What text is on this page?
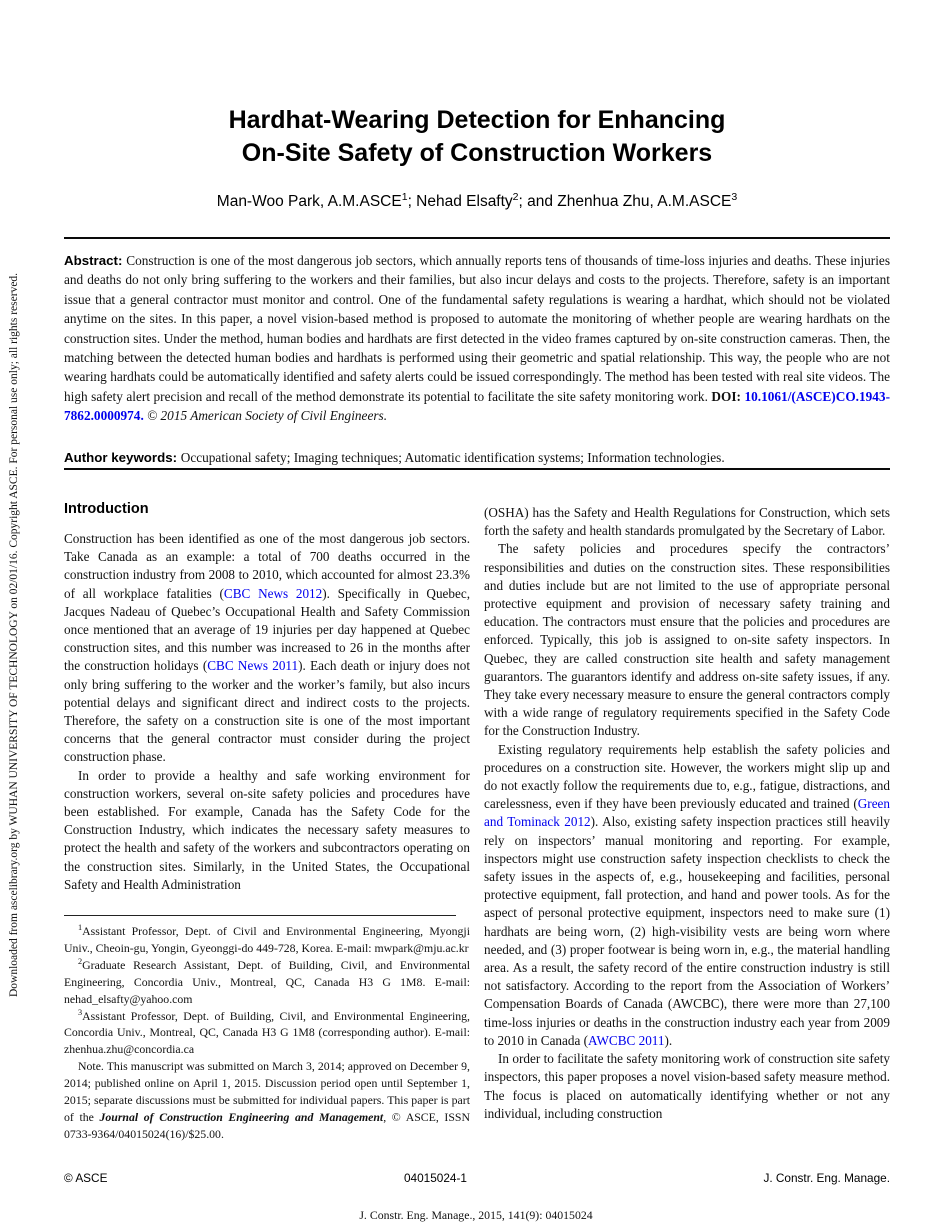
Downloaded from ascelibrary.org by WUHAN UNIVERSITY OF TECHNOLOGY on 02/01/16. Copyright ASCE. For personal use only; all rights reserved.
Hardhat-Wearing Detection for Enhancing
On-Site Safety of Construction Workers
Man-Woo Park, A.M.ASCE$^1$; Nehad Elsafty$^2$; and Zhenhua Zhu, A.M.ASCE$^3$
Abstract: Construction is one of the most dangerous job sectors, which annually reports tens of thousands of time-loss injuries and deaths. These injuries and deaths do not only bring suffering to the workers and their families, but also incur delays and costs to the projects. Therefore, safety is an important issue that a general contractor must monitor and control. One of the fundamental safety regulations is wearing a hardhat, which should not be violated anytime on the sites. In this paper, a novel vision-based method is proposed to automate the monitoring of whether people are wearing hardhats on the construction sites. Under the method, human bodies and hardhats are first detected in the video frames captured by on-site construction cameras. Then, the matching between the detected human bodies and hardhats is performed using their geometric and spatial relationship. This way, the people who are not wearing hardhats could be automatically identified and safety alerts could be issued correspondingly. The method has been tested with real site videos. The high safety alert precision and recall of the method demonstrate its potential to facilitate the site safety monitoring work. DOI: 10.1061/(ASCE)CO.1943-7862.0000974. © 2015 American Society of Civil Engineers.
Author keywords: Occupational safety; Imaging techniques; Automatic identification systems; Information technologies.
Introduction

Construction has been identified as one of the most dangerous job sectors. Take Canada as an example: a total of 700 deaths occurred in the construction industry from 2008 to 2010, which accounted for almost 23.3% of all workplace fatalities (CBC News 2012). Specifically in Quebec, Jacques Nadeau of Quebec’s Occupational Health and Safety Commission once mentioned that an average of 19 injuries per day happened at Quebec construction sites, and this number was increased to 26 in the months after the construction holidays (CBC News 2011). Each death or injury does not only bring suffering to the worker and the worker’s family, but also incurs potential delays and significant direct and indirect costs to the projects. Therefore, the safety on a construction site is one of the most important concerns that the general contractor must consider during the project construction phase.

In order to provide a healthy and safe working environment for construction workers, several on-site safety policies and procedures have been established. For example, Canada has the Safety Code for the Construction Industry, which indicates the necessary safety measures to protect the health and safety of the workers and subcontractors operating on the construction sites. Similarly, in the United States, the Occupational Safety and Health Administration

$^1$Assistant Professor, Dept. of Civil and Environmental Engineering, Myongji Univ., Cheoin-gu, Yongin, Gyeonggi-do 449-728, Korea. E-mail: mwpark@mju.ac.kr

$^2$Graduate Research Assistant, Dept. of Building, Civil, and Environmental Engineering, Concordia Univ., Montreal, QC, Canada H3 G 1M8. E-mail: nehad_elsafty@yahoo.com

$^3$Assistant Professor, Dept. of Building, Civil, and Environmental Engineering, Concordia Univ., Montreal, QC, Canada H3 G 1M8 (corresponding author). E-mail: zhenhua.zhu@concordia.ca

Note. This manuscript was submitted on March 3, 2014; approved on December 9, 2014; published online on April 1, 2015. Discussion period open until September 1, 2015; separate discussions must be submitted for individual papers. This paper is part of the Journal of Construction Engineering and Management, © ASCE, ISSN 0733-9364/04015024(16)/$25.00.

(OSHA) has the Safety and Health Regulations for Construction, which sets forth the safety and health standards promulgated by the Secretary of Labor.

The safety policies and procedures specify the contractors’ responsibilities and duties on the construction sites. These responsibilities and duties include but are not limited to the use of appropriate personal protective equipment and provision of necessary safety training and education. The contractors must ensure that the policies and procedures are enforced. Typically, this job is assigned to on-site safety inspectors. In Quebec, they are called construction site health and safety management guarantors. The guarantors identify and address on-site safety issues, if any. They take every necessary measure to ensure the general contractors comply with a wide range of regulatory requirements specified in the Safety Code for the Construction Industry.

Existing regulatory requirements help establish the safety policies and procedures on a construction site. However, the workers might slip up and do not exactly follow the requirements due to, e.g., fatigue, distractions, and carelessness, even if they have been previously educated and trained (Green and Tominack 2012). Also, existing safety inspection practices still heavily rely on inspectors’ manual monitoring and reporting. For example, inspectors might use construction safety inspection checklists to check the safety issues in the aspects of, e.g., housekeeping and facilities, personal protective equipment, fall protection, and hand and power tools. As for the aspect of personal protective equipment, inspectors need to make sure (1) hardhats are being worn, (2) high-visibility vests are being worn where needed, and (3) proper footwear is being worn in, e.g., the material handling area. As a result, the safety record of the entire construction industry is still not satisfactory. According to the report from the Association of Workers’ Compensation Boards of Canada (AWCBC), there were more than 27,100 time-loss injuries or deaths in the construction industry each year from 2009 to 2010 in Canada (AWCBC 2011).

In order to facilitate the safety monitoring work of construction site safety inspectors, this paper proposes a novel vision-based safety measure method. The focus is placed on automatically identifying whether or not any individual, including construction

© ASCE	04015024-1	J. Constr. Eng. Manage.
J. Constr. Eng. Manage., 2015, 141(9): 04015024
